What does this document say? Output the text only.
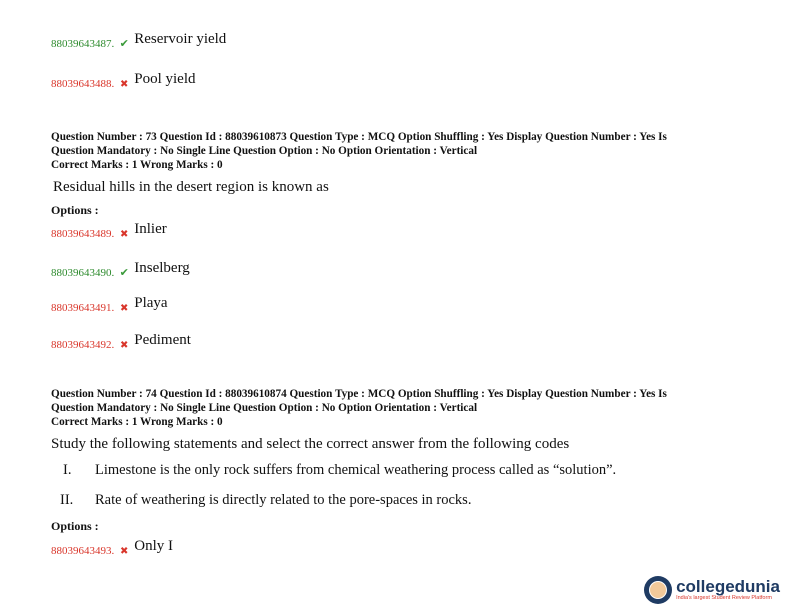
88039643487. ✔ Reservoir yield
88039643488. ✖ Pool yield
Question Number : 73 Question Id : 88039610873 Question Type : MCQ Option Shuffling : Yes Display Question Number : Yes Is
Question Mandatory : No Single Line Question Option : No Option Orientation : Vertical
Correct Marks : 1 Wrong Marks : 0
Residual hills in the desert region is known as
Options :
88039643489. ✖ Inlier
88039643490. ✔ Inselberg
88039643491. ✖ Playa
88039643492. ✖ Pediment
Question Number : 74 Question Id : 88039610874 Question Type : MCQ Option Shuffling : Yes Display Question Number : Yes Is
Question Mandatory : No Single Line Question Option : No Option Orientation : Vertical
Correct Marks : 1 Wrong Marks : 0
Study the following statements and select the correct answer from the following codes
I. Limestone is the only rock suffers from chemical weathering process called as “solution”.
II. Rate of weathering is directly related to the pore-spaces in rocks.
Options :
88039643493. ✖ Only I
collegedunia
India's largest Student Review Platform
